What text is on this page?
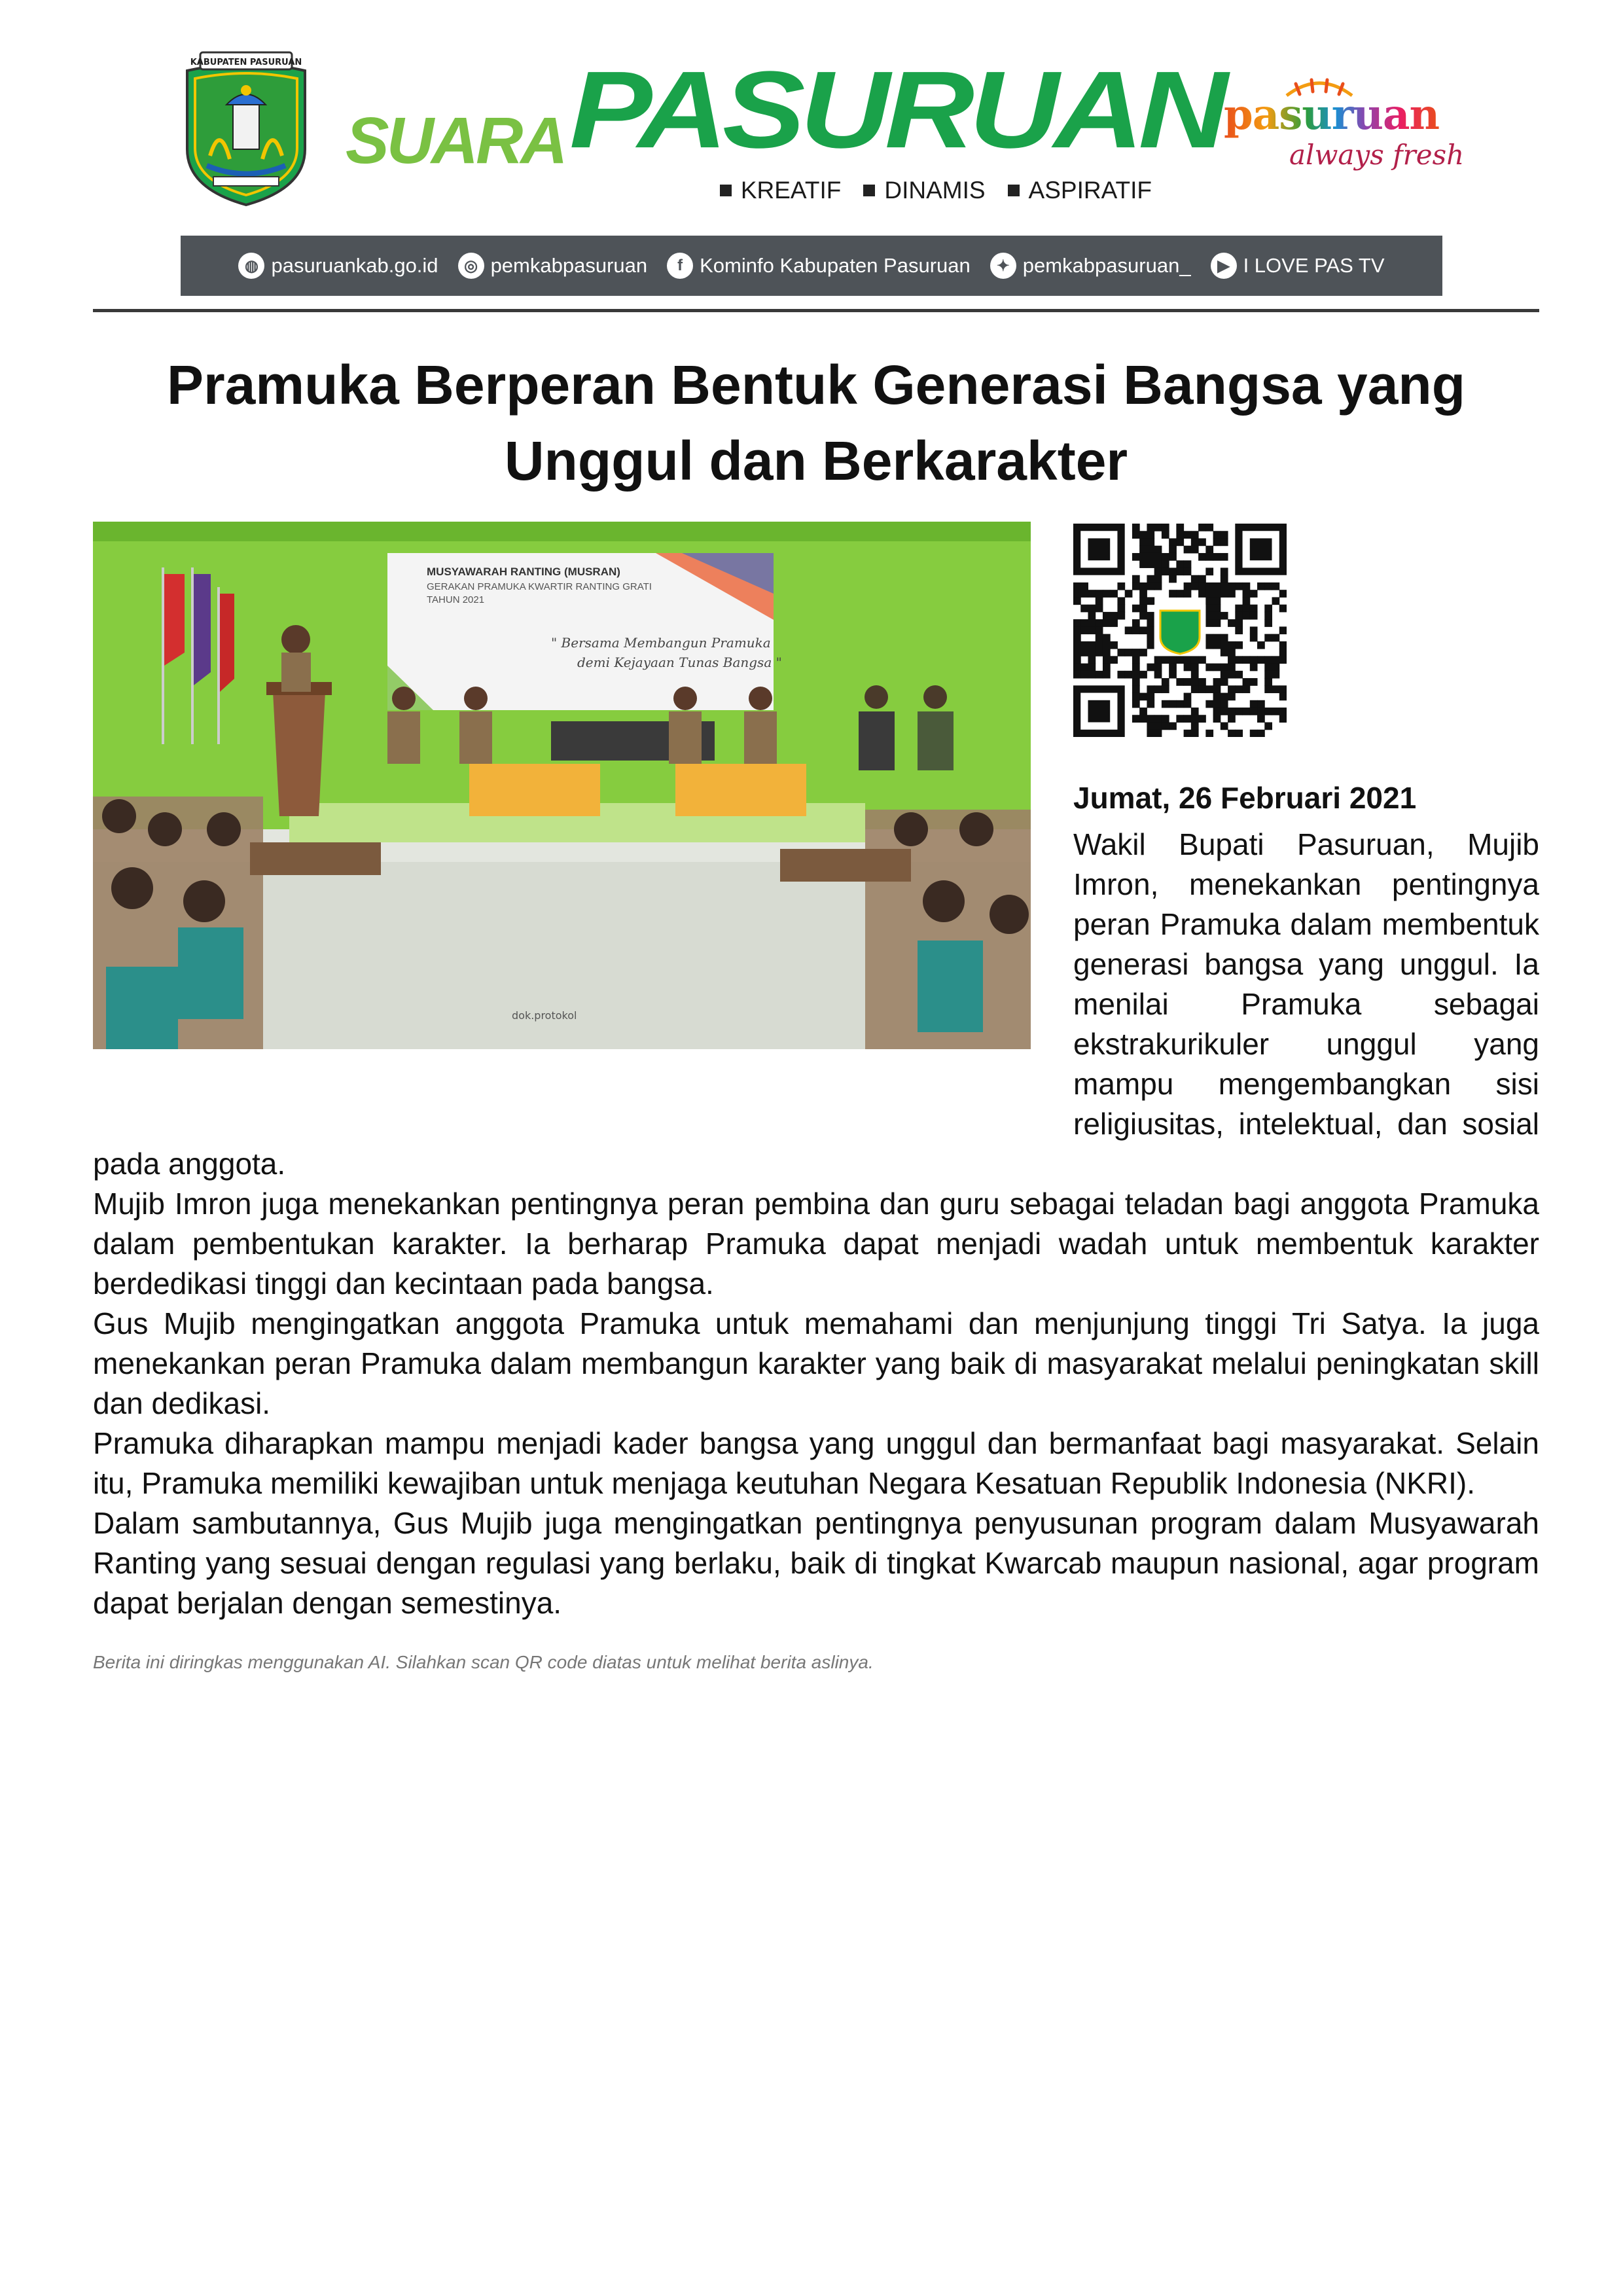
KABUPATEN PASURUAN
SUARA PASURUAN
KREATIF DINAMIS ASPIRATIF
pasuruan
always fresh
◍ pasuruankab.go.id	◎ pemkabpasuruan	f Kominfo Kabupaten Pasuruan	✦ pemkabpasuruan_	▶ I LOVE PAS TV
Pramuka Berperan Bentuk Generasi Bangsa yang
Unggul dan Berkarakter
MUSYAWARAH RANTING (MUSRAN)
GERAKAN PRAMUKA KWARTIR RANTING GRATI
TAHUN 2021
" Bersama Membangun Pramuka
demi Kejayaan Tunas Bangsa "
dok.protokol
Jumat, 26 Februari 2021

Wakil Bupati Pasuruan, Mujib Imron, menekankan pentingnya peran Pramuka dalam membentuk generasi bangsa yang unggul. Ia menilai Pramuka sebagai ekstrakurikuler unggul yang mampu mengembangkan sisi religiusitas, intelektual, dan sosial pada anggota.

Mujib Imron juga menekankan pentingnya peran pembina dan guru sebagai teladan bagi anggota Pramuka dalam pembentukan karakter. Ia berharap Pramuka dapat menjadi wadah untuk membentuk karakter berdedikasi tinggi dan kecintaan pada bangsa.

Gus Mujib mengingatkan anggota Pramuka untuk memahami dan menjunjung tinggi Tri Satya. Ia juga menekankan peran Pramuka dalam membangun karakter yang baik di masyarakat melalui peningkatan skill dan dedikasi.

Pramuka diharapkan mampu menjadi kader bangsa yang unggul dan bermanfaat bagi masyarakat. Selain itu, Pramuka memiliki kewajiban untuk menjaga keutuhan Negara Kesatuan Republik Indonesia (NKRI).

Dalam sambutannya, Gus Mujib juga mengingatkan pentingnya penyusunan program dalam Musyawarah Ranting yang sesuai dengan regulasi yang berlaku, baik di tingkat Kwarcab maupun nasional, agar program dapat berjalan dengan semestinya.

Berita ini diringkas menggunakan AI. Silahkan scan QR code diatas untuk melihat berita aslinya.
